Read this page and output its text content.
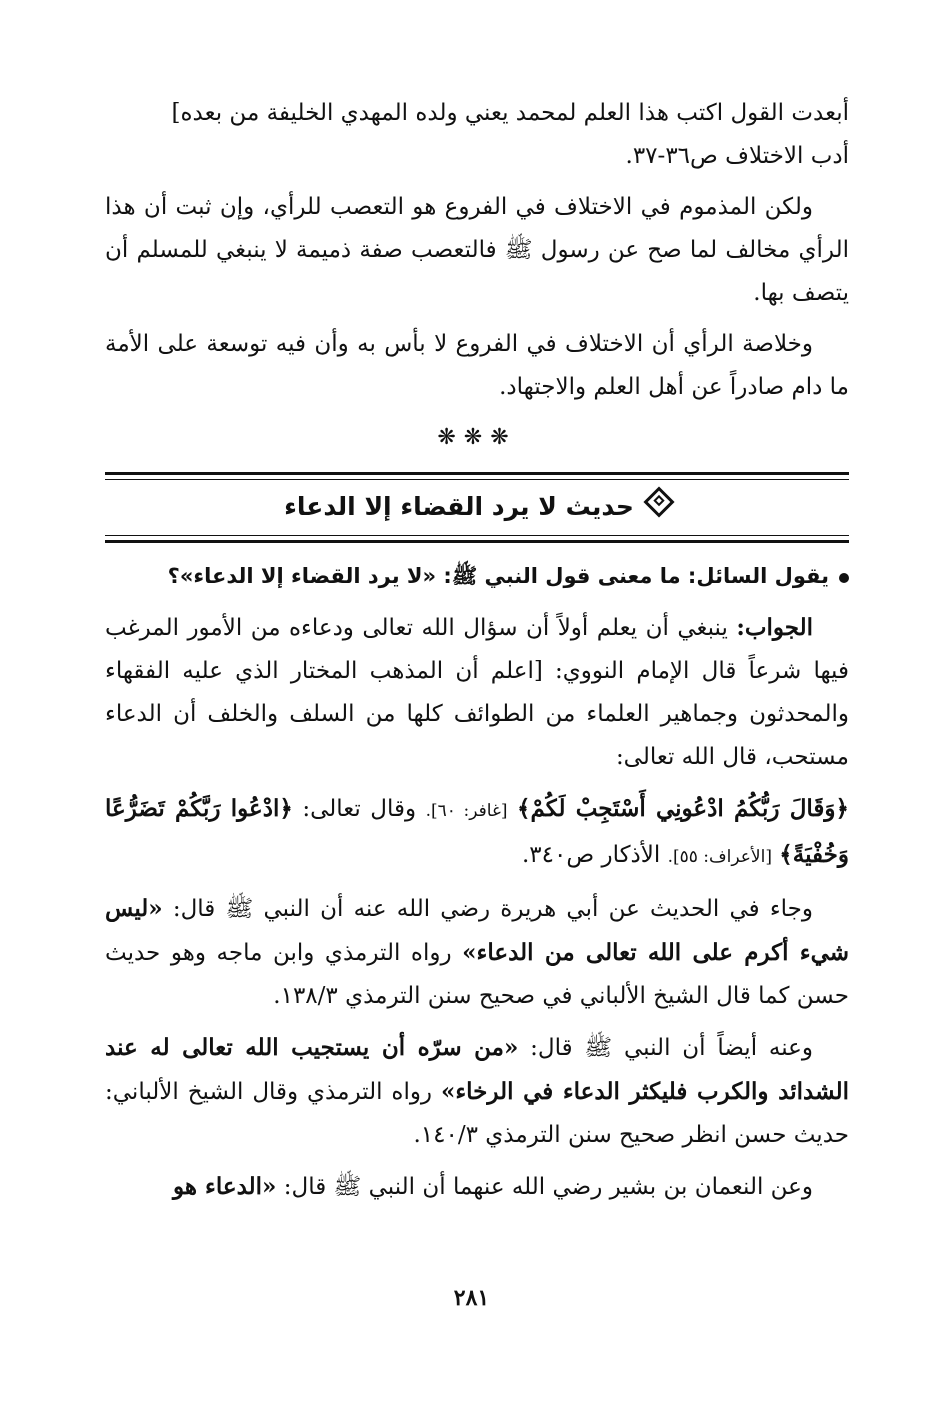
أبعدت القول اكتب هذا العلم لمحمد يعني ولده المهدي الخليفة من بعده]
أدب الاختلاف ص٣٦-٣٧.

ولكن المذموم في الاختلاف في الفروع هو التعصب للرأي، وإن ثبت أن هذا الرأي مخالف لما صح عن رسول ﷺ فالتعصب صفة ذميمة لا ينبغي للمسلم أن يتصف بها.

وخلاصة الرأي أن الاختلاف في الفروع لا بأس به وأن فيه توسعة على الأمة ما دام صادراً عن أهل العلم والاجتهاد.

❋❋❋
حديث لا يرد القضاء إلا الدعاء

يقول السائل: ما معنى قول النبي ﷺ: «لا يرد القضاء إلا الدعاء»؟

الجواب: ينبغي أن يعلم أولاً أن سؤال الله تعالى ودعاءه من الأمور المرغب فيها شرعاً قال الإمام النووي: [اعلم أن المذهب المختار الذي عليه الفقهاء والمحدثون وجماهير العلماء من الطوائف كلها من السلف والخلف أن الدعاء مستحب، قال الله تعالى:

﴿وَقَالَ رَبُّكُمُ ادْعُونِي أَسْتَجِبْ لَكُمْ﴾ [غافر: ٦٠]. وقال تعالى: ﴿ادْعُوا رَبَّكُمْ تَضَرُّعًا وَخُفْيَةً﴾ [الأعراف: ٥٥]. الأذكار ص٣٤٠.

وجاء في الحديث عن أبي هريرة رضي الله عنه أن النبي ﷺ قال: «ليس شيء أكرم على الله تعالى من الدعاء» رواه الترمذي وابن ماجه وهو حديث حسن كما قال الشيخ الألباني في صحيح سنن الترمذي ١٣٨/٣.

وعنه أيضاً أن النبي ﷺ قال: «من سرّه أن يستجيب الله تعالى له عند الشدائد والكرب فليكثر الدعاء في الرخاء» رواه الترمذي وقال الشيخ الألباني: حديث حسن انظر صحيح سنن الترمذي ١٤٠/٣.

وعن النعمان بن بشير رضي الله عنهما أن النبي ﷺ قال: «الدعاء هو

٢٨١
